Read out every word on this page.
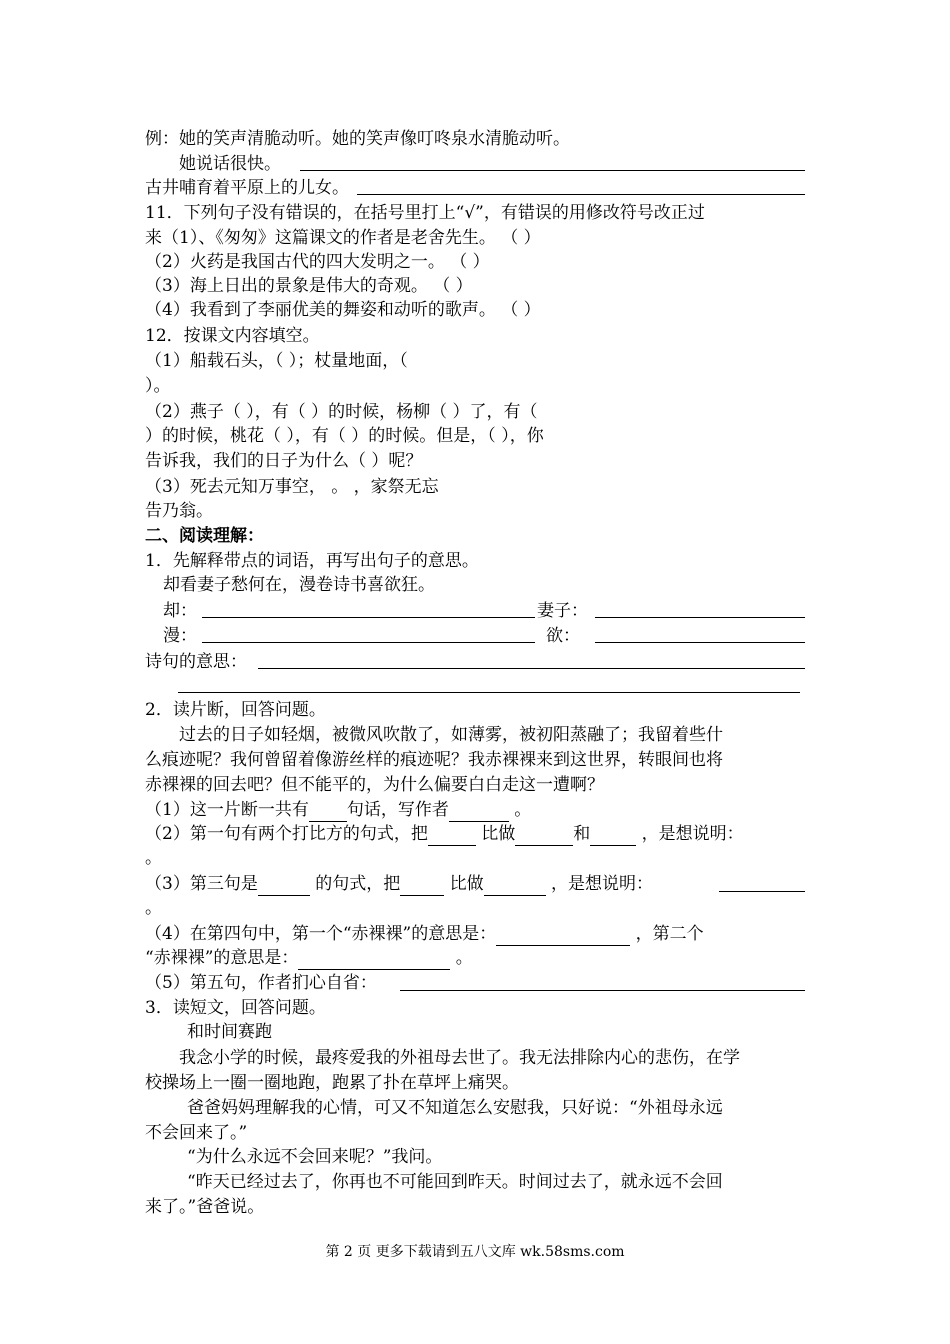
例：她的笑声清脆动听。她的笑声像叮咚泉水清脆动听。
她说话很快。
古井哺育着平原上的儿女。
11．下列句子没有错误的，在括号里打上“√”，有错误的用修改符号改正过
来（1）、《匆匆》这篇课文的作者是老舍先生。 （ ）
（2）火药是我国古代的四大发明之一。 （ ）
（3）海上日出的景象是伟大的奇观。 （ ）
（4）我看到了李丽优美的舞姿和动听的歌声。 （ ）
12．按课文内容填空。
（1）船载石头，（ ）；杖量地面，（
）。
（2）燕子（ ），有（ ）的时候，杨柳（ ）了，有（
）的时候，桃花（ ），有（ ）的时候。但是，（ ），你
告诉我，我们的日子为什么（ ）呢？
（3）死去元知万事空， 。 ，家祭无忘
告乃翁。
二、阅读理解：
1．先解释带点的词语，再写出句子的意思。
却看妻子愁何在，漫卷诗书喜欲狂。
却：	妻子：
漫：	欲：
诗句的意思：
2．读片断，回答问题。
过去的日子如轻烟，被微风吹散了，如薄雾，被初阳蒸融了；我留着些什
么痕迹呢？我何曾留着像游丝样的痕迹呢？我赤裸裸来到这世界，转眼间也将
赤裸裸的回去吧？但不能平的，为什么偏要白白走这一遭啊？
（1）这一片断一共有 句话，写作者	。
（2）第一句有两个打比方的句式，把	比做	和	，是想说明：
。
（3）第三句是	的句式，把	比做	，是想说明：
。
（4）在第四句中，第一个“赤裸裸”的意思是：	，第二个
“赤裸裸”的意思是：	。
（5）第五句，作者扪心自省：
3．读短文，回答问题。
和时间赛跑
我念小学的时候，最疼爱我的外祖母去世了。我无法排除内心的悲伤，在学
校操场上一圈一圈地跑，跑累了扑在草坪上痛哭。
爸爸妈妈理解我的心情，可又不知道怎么安慰我，只好说：“外祖母永远
不会回来了。”
“为什么永远不会回来呢？”我问。
“昨天已经过去了，你再也不可能回到昨天。时间过去了，就永远不会回
来了。”爸爸说。
第 2 页 更多下载请到五八文库 wk.58sms.com
